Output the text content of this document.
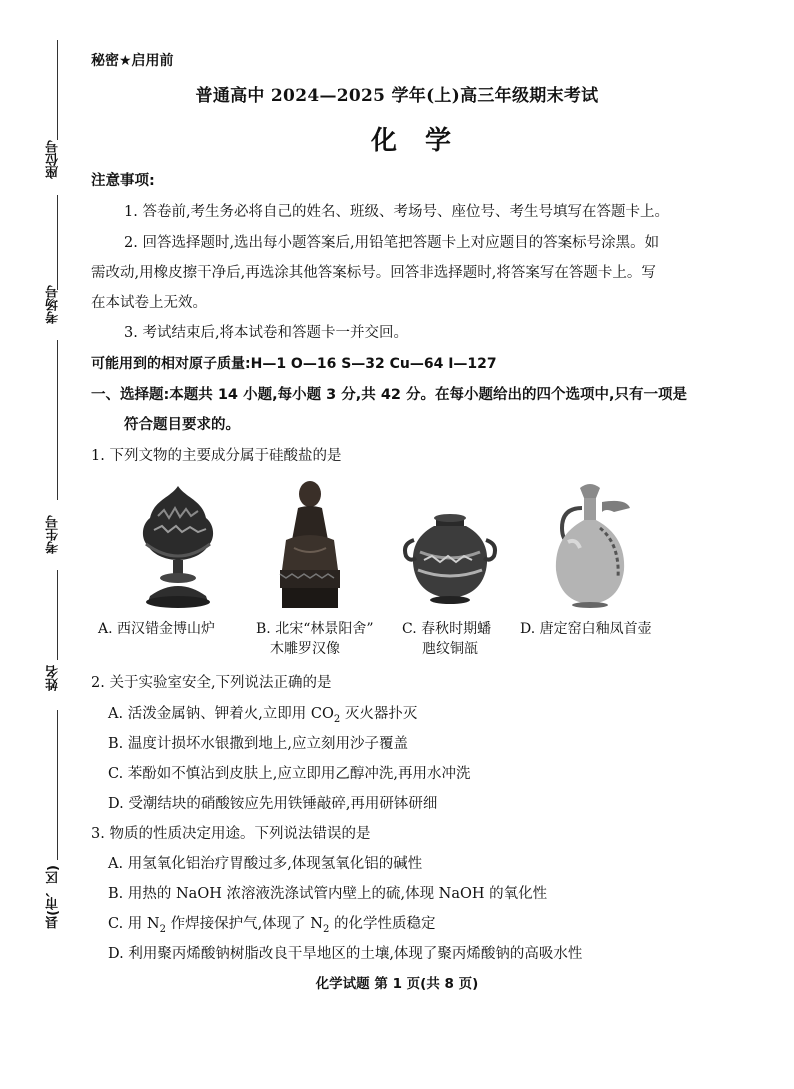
座位号
考场号
考生号
姓名
县(市、区)
秘密★启用前
普通高中 2024—2025 学年(上)高三年级期末考试
化学
注意事项:
1. 答卷前,考生务必将自己的姓名、班级、考场号、座位号、考生号填写在答题卡上。
2. 回答选择题时,选出每小题答案后,用铅笔把答题卡上对应题目的答案标号涂黑。如
需改动,用橡皮擦干净后,再选涂其他答案标号。回答非选择题时,将答案写在答题卡上。写
在本试卷上无效。
3. 考试结束后,将本试卷和答题卡一并交回。
可能用到的相对原子质量:H—1 O—16 S—32 Cu—64 I—127
一、选择题:本题共 14 小题,每小题 3 分,共 42 分。在每小题给出的四个选项中,只有一项是
符合题目要求的。
1. 下列文物的主要成分属于硅酸盐的是
A. 西汉错金博山炉	B. 北宋“林景阳舍”
木雕罗汉像
C. 春秋时期蟠
虺纹铜瓿
D. 唐定窑白釉凤首壶
2. 关于实验室安全,下列说法正确的是
A. 活泼金属钠、钾着火,立即用 $CO_2$ 灭火器扑灭
B. 温度计损坏水银撒到地上,应立刻用沙子覆盖
C. 苯酚如不慎沾到皮肤上,应立即用乙醇冲洗,再用水冲洗
D. 受潮结块的硝酸铵应先用铁锤敲碎,再用研钵研细
3. 物质的性质决定用途。下列说法错误的是
A. 用氢氧化铝治疗胃酸过多,体现氢氧化铝的碱性
B. 用热的 NaOH 浓溶液洗涤试管内壁上的硫,体现 NaOH 的氧化性
C. 用 $N_2$ 作焊接保护气,体现了 $N_2$ 的化学性质稳定
D. 利用聚丙烯酸钠树脂改良干旱地区的土壤,体现了聚丙烯酸钠的高吸水性
化学试题 第 1 页(共 8 页)
